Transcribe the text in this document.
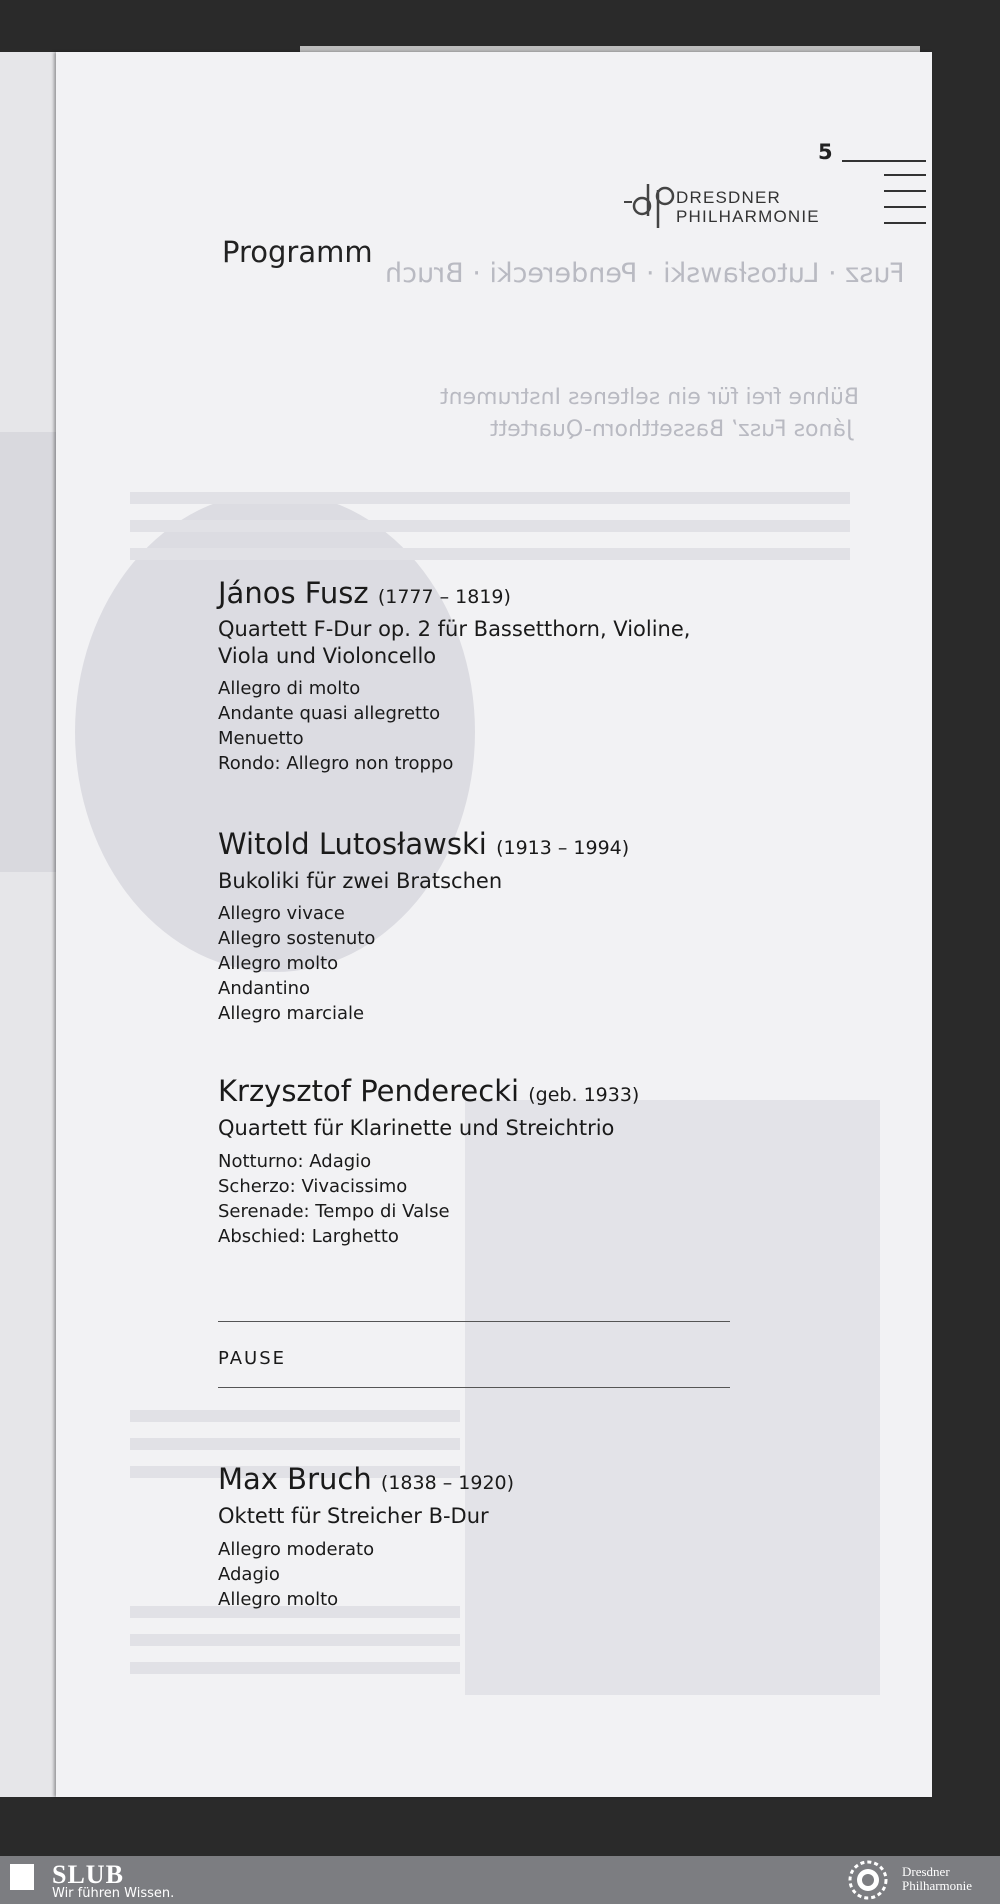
Fusz · Lutosławski · Penderecki · Bruch
Bühne frei für ein seltenes Instrument
János Fusz’ Bassetthorn-Quartett
5
DRESDNER
PHILHARMONIE
Programm
János Fusz (1777 – 1819)
Quartett F-Dur op. 2 für Bassetthorn, Violine,
Viola und Violoncello
Allegro di molto
Andante quasi allegretto
Menuetto
Rondo: Allegro non troppo
Witold Lutosławski (1913 – 1994)
Bukoliki für zwei Bratschen
Allegro vivace
Allegro sostenuto
Allegro molto
Andantino
Allegro marciale
Krzysztof Penderecki (geb. 1933)
Quartett für Klarinette und Streichtrio
Notturno: Adagio
Scherzo: Vivacissimo
Serenade: Tempo di Valse
Abschied: Larghetto
PAUSE
Max Bruch (1838 – 1920)
Oktett für Streicher B-Dur
Allegro moderato
Adagio
Allegro molto
SLUB
Wir führen Wissen.
Dresdner
Philharmonie
